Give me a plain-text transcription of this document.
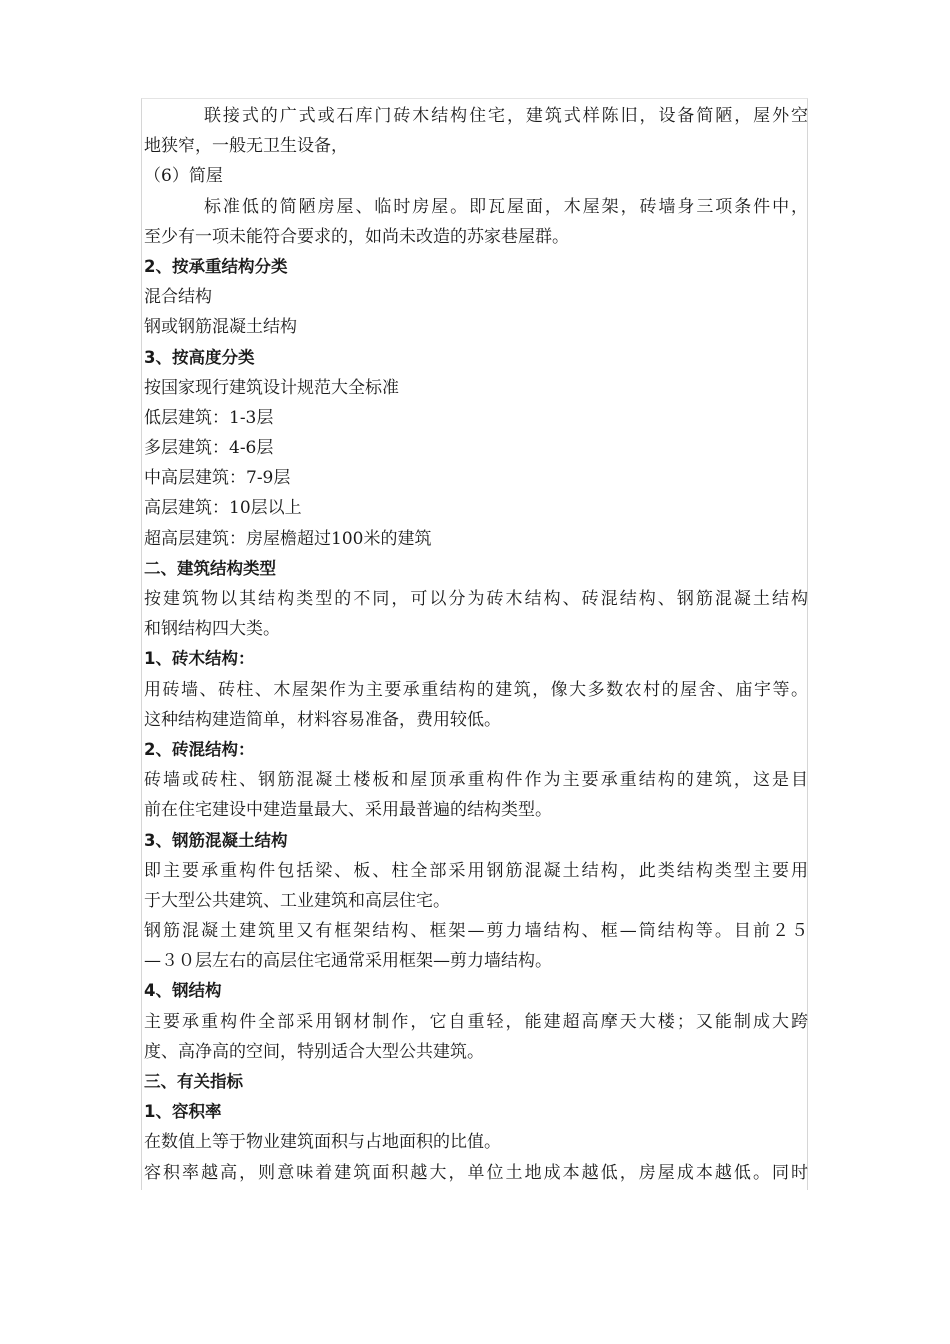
联接式的广式或石库门砖木结构住宅，建筑式样陈旧，设备简陋，屋外空
地狭窄，一般无卫生设备，
（6）简屋
标准低的简陋房屋、临时房屋。即瓦屋面，木屋架，砖墙身三项条件中，
至少有一项未能符合要求的，如尚未改造的苏家巷屋群。
2、按承重结构分类
混合结构
钢或钢筋混凝土结构
3、按高度分类
按国家现行建筑设计规范大全标准
低层建筑：1-3层
多层建筑：4-6层
中高层建筑：7-9层
高层建筑：10层以上
超高层建筑：房屋檐超过100米的建筑
二、建筑结构类型
按建筑物以其结构类型的不同，可以分为砖木结构、砖混结构、钢筋混凝土结构
和钢结构四大类。
1、砖木结构：
用砖墙、砖柱、木屋架作为主要承重结构的建筑，像大多数农村的屋舍、庙宇等。
这种结构建造简单，材料容易准备，费用较低。
2、砖混结构：
砖墙或砖柱、钢筋混凝土楼板和屋顶承重构件作为主要承重结构的建筑，这是目
前在住宅建设中建造量最大、采用最普遍的结构类型。
3、钢筋混凝土结构
即主要承重构件包括梁、板、柱全部采用钢筋混凝土结构，此类结构类型主要用
于大型公共建筑、工业建筑和高层住宅。
钢筋混凝土建筑里又有框架结构、框架—剪力墙结构、框—筒结构等。目前２５
—３０层左右的高层住宅通常采用框架—剪力墙结构。
4、钢结构
主要承重构件全部采用钢材制作，它自重轻，能建超高摩天大楼；又能制成大跨
度、高净高的空间，特别适合大型公共建筑。
三、有关指标
1、容积率
在数值上等于物业建筑面积与占地面积的比值。
容积率越高，则意味着建筑面积越大，单位土地成本越低，房屋成本越低。同时
